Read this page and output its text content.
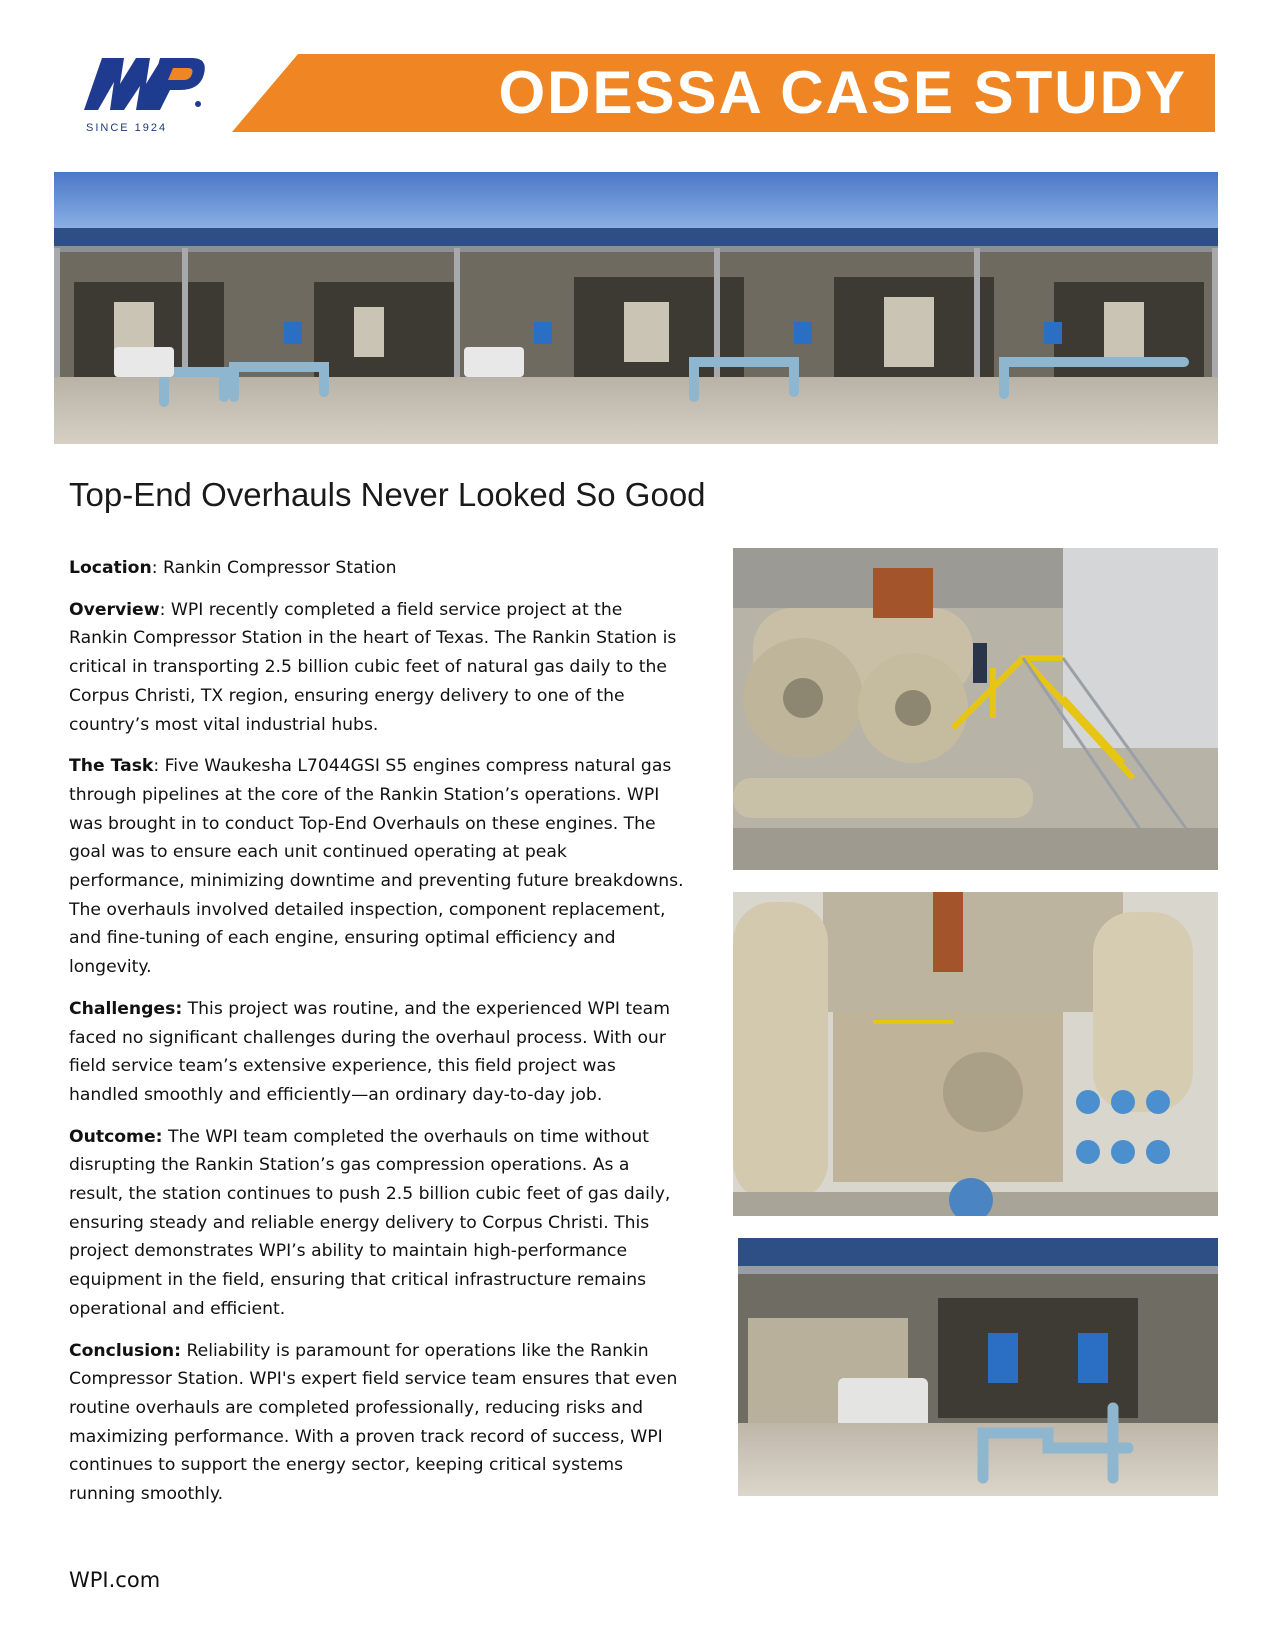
SINCE 1924
ODESSA CASE STUDY
Top-End Overhauls Never Looked So Good

Location: Rankin Compressor Station

Overview: WPI recently completed a field service project at the Rankin Compressor Station in the heart of Texas. The Rankin Station is critical in transporting 2.5 billion cubic feet of natural gas daily to the Corpus Christi, TX region, ensuring energy delivery to one of the country’s most vital industrial hubs.

The Task: Five Waukesha L7044GSI S5 engines compress natural gas through pipelines at the core of the Rankin Station’s operations. WPI was brought in to conduct Top-End Overhauls on these engines. The goal was to ensure each unit continued operating at peak performance, minimizing downtime and preventing future breakdowns. The overhauls involved detailed inspection, component replacement, and fine-tuning of each engine, ensuring optimal efficiency and longevity.

Challenges: This project was routine, and the experienced WPI team faced no significant challenges during the overhaul process. With our field service team’s extensive experience, this field project was handled smoothly and efficiently—an ordinary day-to-day job.

Outcome: The WPI team completed the overhauls on time without disrupting the Rankin Station’s gas compression operations. As a result, the station continues to push 2.5 billion cubic feet of gas daily, ensuring steady and reliable energy delivery to Corpus Christi. This project demonstrates WPI’s ability to maintain high-performance equipment in the field, ensuring that critical infrastructure remains operational and efficient.

Conclusion: Reliability is paramount for operations like the Rankin Compressor Station. WPI's expert field service team ensures that even routine overhauls are completed professionally, reducing risks and maximizing performance. With a proven track record of success, WPI continues to support the energy sector, keeping critical systems running smoothly.

WPI.com
